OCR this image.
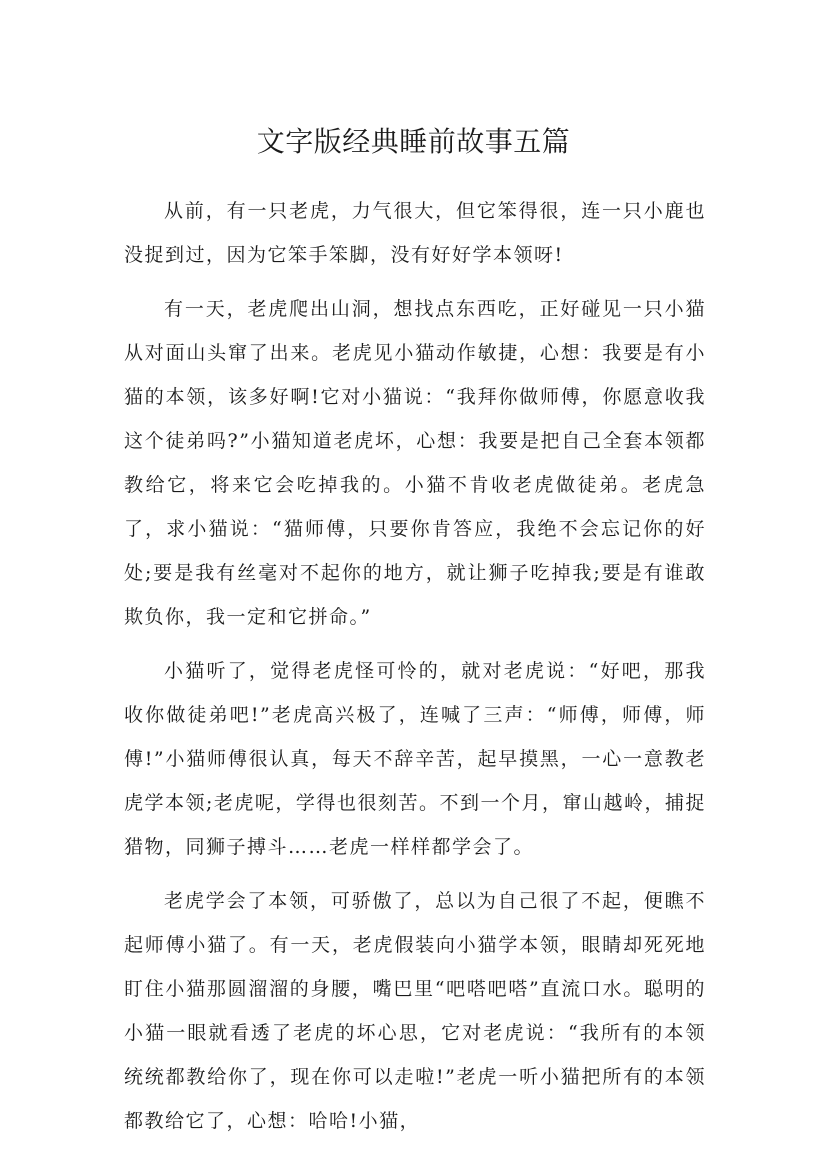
文字版经典睡前故事五篇

从前，有一只老虎，力气很大，但它笨得很，连一只小鹿也没捉到过，因为它笨手笨脚，没有好好学本领呀!

有一天，老虎爬出山洞，想找点东西吃，正好碰见一只小猫从对面山头窜了出来。老虎见小猫动作敏捷，心想：我要是有小猫的本领，该多好啊!它对小猫说：“我拜你做师傅，你愿意收我这个徒弟吗?”小猫知道老虎坏，心想：我要是把自己全套本领都教给它，将来它会吃掉我的。小猫不肯收老虎做徒弟。老虎急了，求小猫说：“猫师傅，只要你肯答应，我绝不会忘记你的好处;要是我有丝毫对不起你的地方，就让狮子吃掉我;要是有谁敢欺负你，我一定和它拼命。”

小猫听了，觉得老虎怪可怜的，就对老虎说：“好吧，那我收你做徒弟吧!”老虎高兴极了，连喊了三声：“师傅，师傅，师傅!”小猫师傅很认真，每天不辞辛苦，起早摸黑，一心一意教老虎学本领;老虎呢，学得也很刻苦。不到一个月，窜山越岭，捕捉猎物，同狮子搏斗……老虎一样样都学会了。

老虎学会了本领，可骄傲了，总以为自己很了不起，便瞧不起师傅小猫了。有一天，老虎假装向小猫学本领，眼睛却死死地盯住小猫那圆溜溜的身腰，嘴巴里“吧嗒吧嗒”直流口水。聪明的小猫一眼就看透了老虎的坏心思，它对老虎说：“我所有的本领统统都教给你了，现在你可以走啦!”老虎一听小猫把所有的本领都教给它了，心想：哈哈!小猫，
